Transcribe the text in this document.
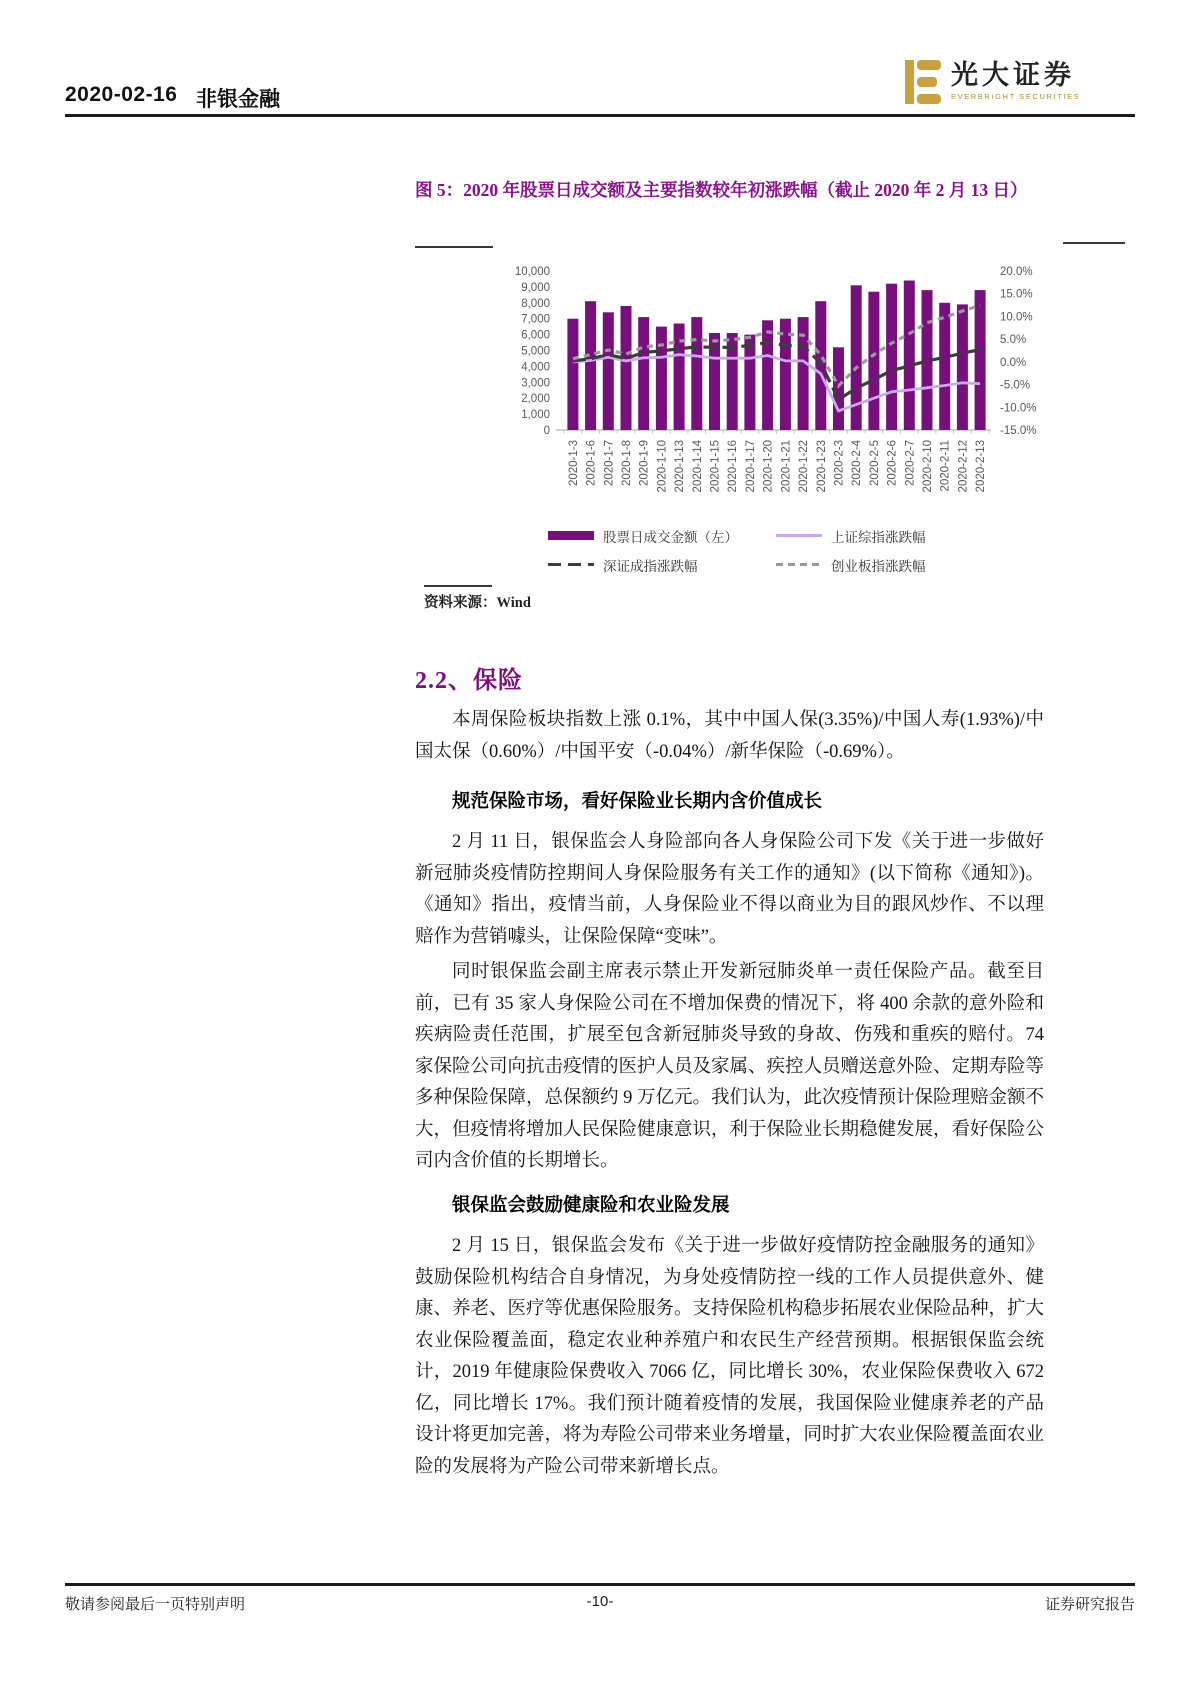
2020-02-16 非银金融
光大证券
EVERBRIGHT SECURITIES
图 5：2020 年股票日成交额及主要指数较年初涨跌幅（截止 2020 年 2 月 13 日）
10,000
9,000
8,000
7,000
6,000
5,000
4,000
3,000
2,000
1,000
0
20.0%
15.0%
10.0%
5.0%
0.0%
-5.0%
-10.0%
-15.0%
2020-1-3 2020-1-6 2020-1-7 2020-1-8 2020-1-9 2020-1-10 2020-1-13 2020-1-14 2020-1-15 2020-1-16 2020-1-17 2020-1-20 2020-1-21 2020-1-22 2020-1-23 2020-2-3 2020-2-4 2020-2-5 2020-2-6 2020-2-7 2020-2-10 2020-2-11 2020-2-12 2020-2-13
股票日成交金额（左）	上证综指涨跌幅
深证成指涨跌幅	创业板指涨跌幅
资料来源：Wind
2.2、保险
本周保险板块指数上涨 0.1%，其中中国人保(3.35%)/中国人寿(1.93%)/中国太保（0.60%）/中国平安（-0.04%）/新华保险（-0.69%）。
规范保险市场，看好保险业长期内含价值成长
2 月 11 日，银保监会人身险部向各人身保险公司下发《关于进一步做好新冠肺炎疫情防控期间人身保险服务有关工作的通知》(以下简称《通知》)。《通知》指出，疫情当前，人身保险业不得以商业为目的跟风炒作、不以理赔作为营销噱头，让保险保障“变味”。
同时银保监会副主席表示禁止开发新冠肺炎单一责任保险产品。截至目前，已有 35 家人身保险公司在不增加保费的情况下，将 400 余款的意外险和疾病险责任范围，扩展至包含新冠肺炎导致的身故、伤残和重疾的赔付。74 家保险公司向抗击疫情的医护人员及家属、疾控人员赠送意外险、定期寿险等多种保险保障，总保额约 9 万亿元。我们认为，此次疫情预计保险理赔金额不大，但疫情将增加人民保险健康意识，利于保险业长期稳健发展，看好保险公司内含价值的长期增长。
银保监会鼓励健康险和农业险发展
2 月 15 日，银保监会发布《关于进一步做好疫情防控金融服务的通知》鼓励保险机构结合自身情况，为身处疫情防控一线的工作人员提供意外、健康、养老、医疗等优惠保险服务。支持保险机构稳步拓展农业保险品种，扩大农业保险覆盖面，稳定农业种养殖户和农民生产经营预期。根据银保监会统计，2019 年健康险保费收入 7066 亿，同比增长 30%，农业保险保费收入 672 亿，同比增长 17%。我们预计随着疫情的发展，我国保险业健康养老的产品设计将更加完善，将为寿险公司带来业务增量，同时扩大农业保险覆盖面农业险的发展将为产险公司带来新增长点。
敬请参阅最后一页特别声明	-10-	证券研究报告
